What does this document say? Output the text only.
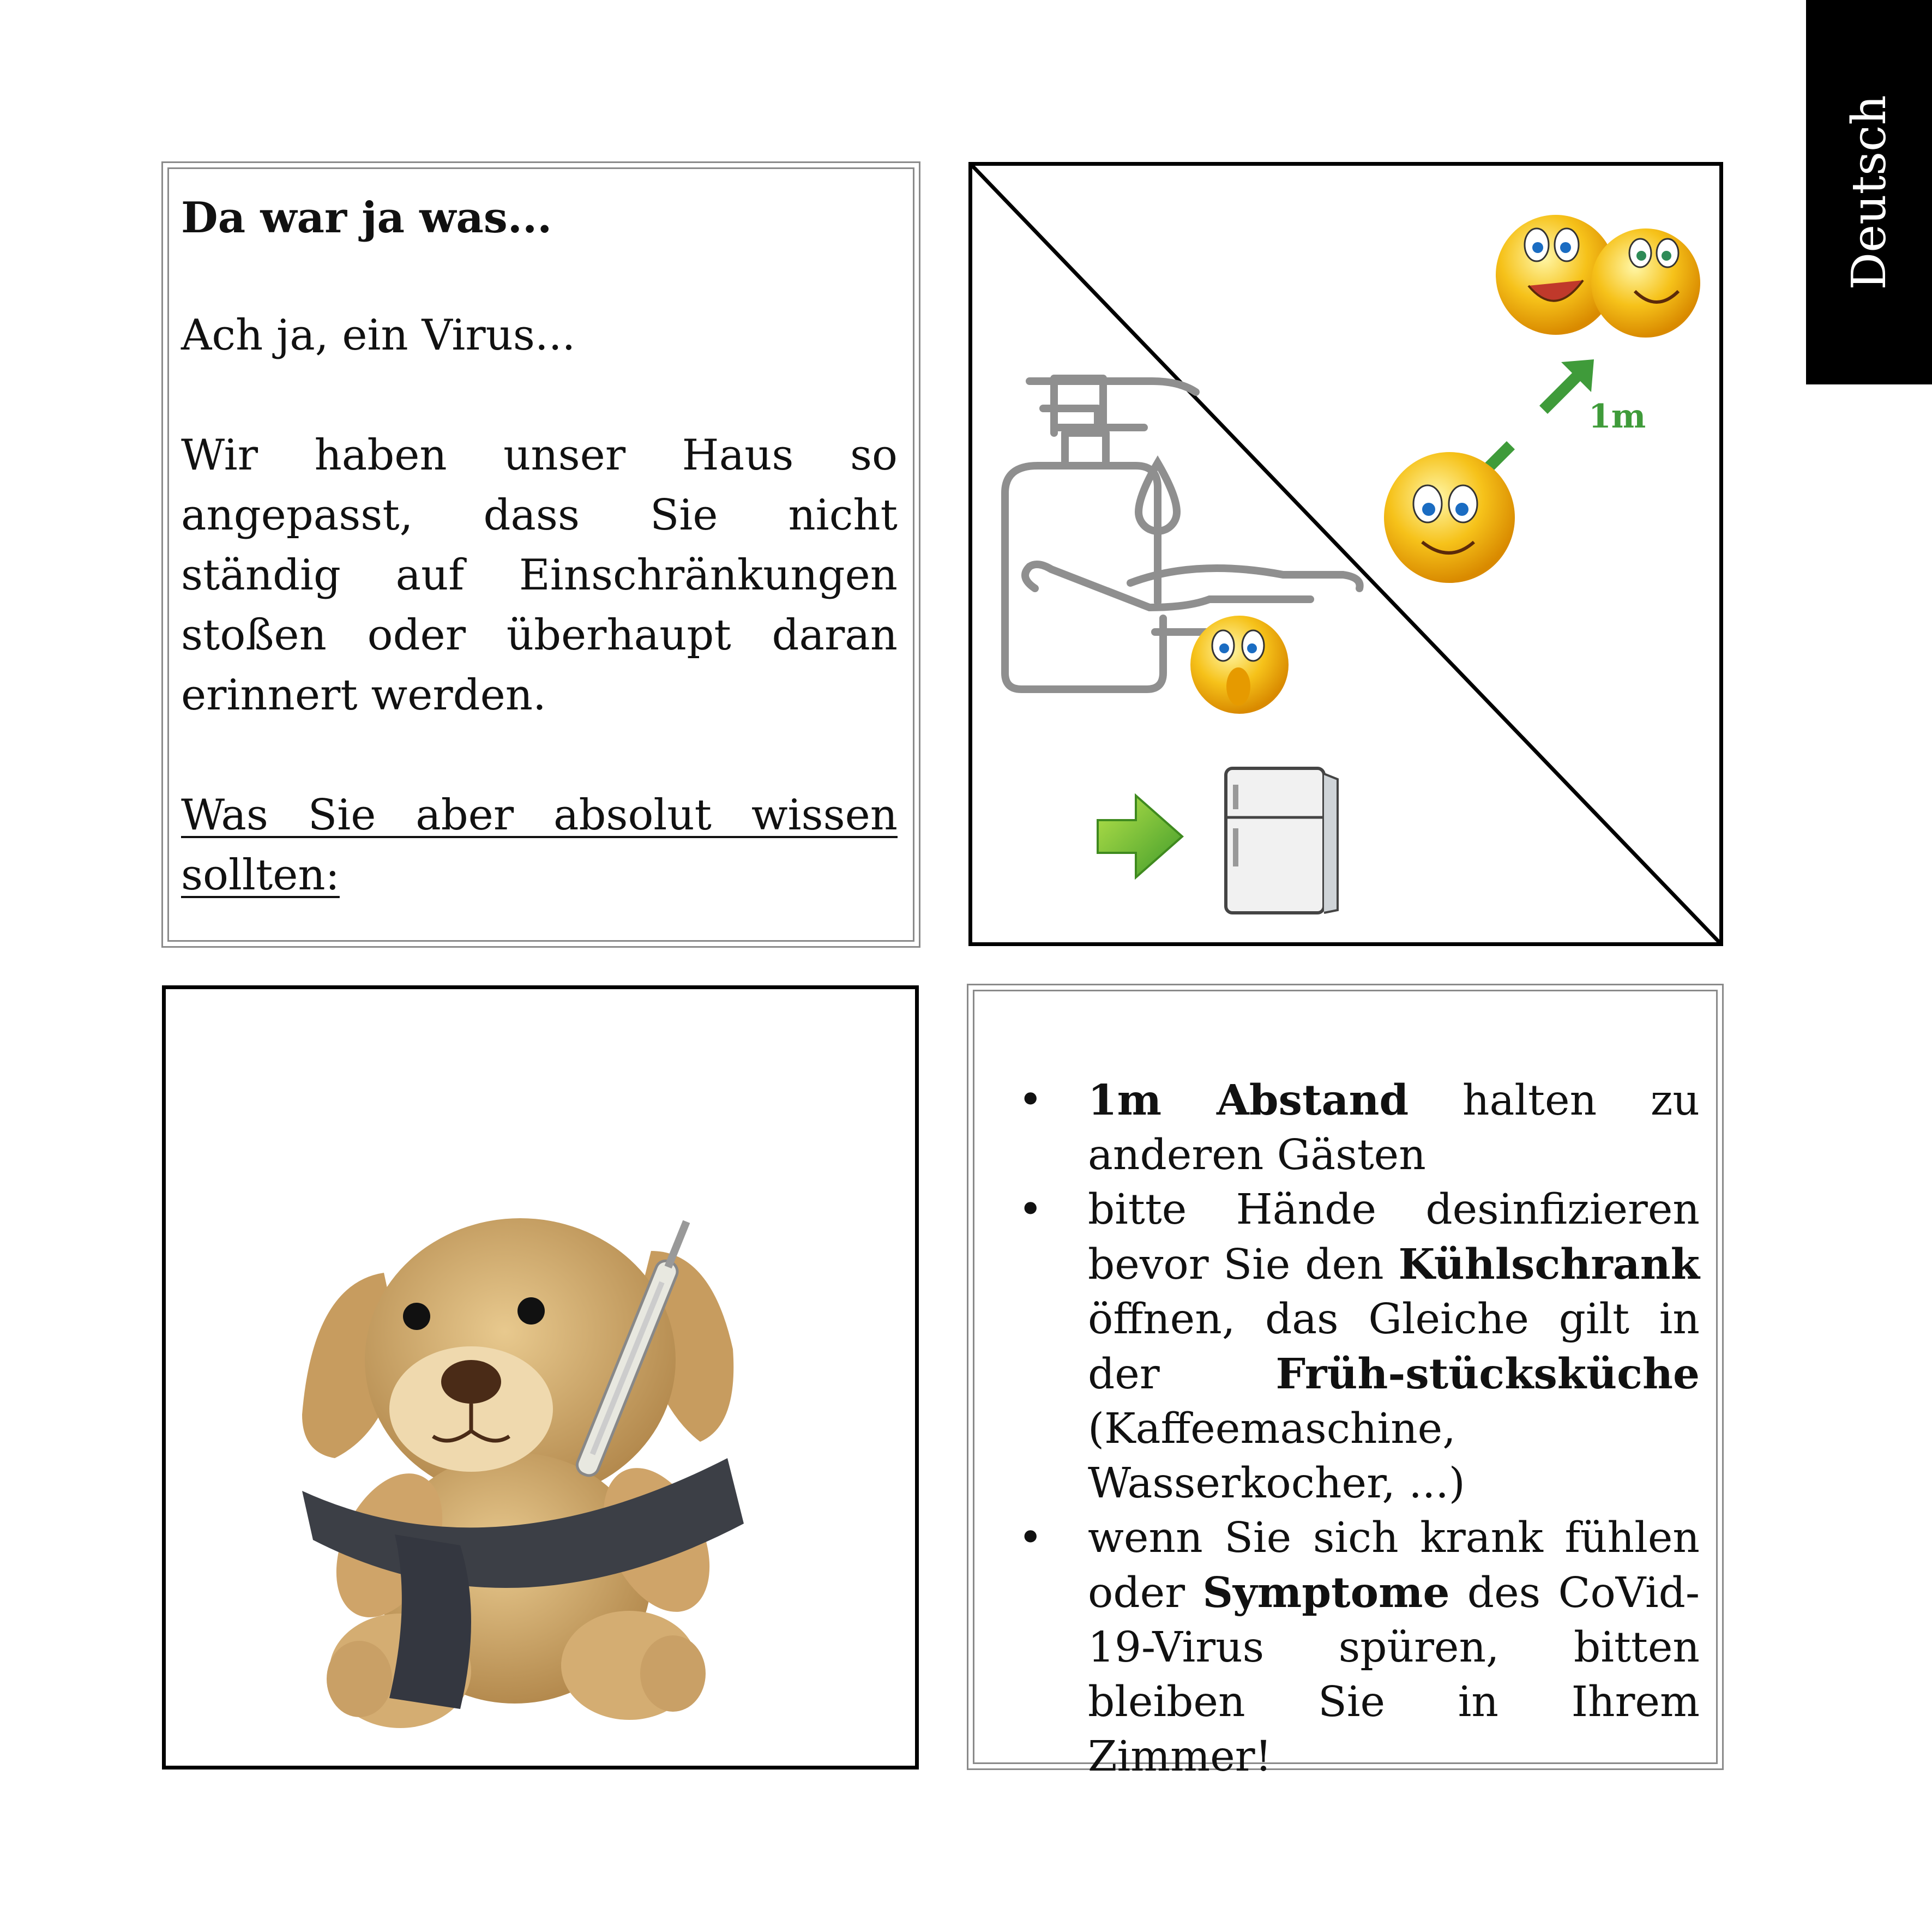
Deutsch
Da war ja was...

Ach ja, ein Virus...

Wir haben unser Haus so angepasst, dass Sie nicht ständig auf Einschränkungen stoßen oder überhaupt daran erinnert werden.

Was Sie aber absolut wissen sollten:

1m
• 1m Abstand halten zu anderen Gästen
• bitte Hände desinfizieren bevor Sie den Kühlschrank öffnen, das Gleiche gilt in der Früh-stücksküche (Kaffeemaschine, Wasserkocher, ...)
• wenn Sie sich krank fühlen oder Symptome des CoVid-19-Virus spüren, bitten bleiben Sie in Ihrem Zimmer!
